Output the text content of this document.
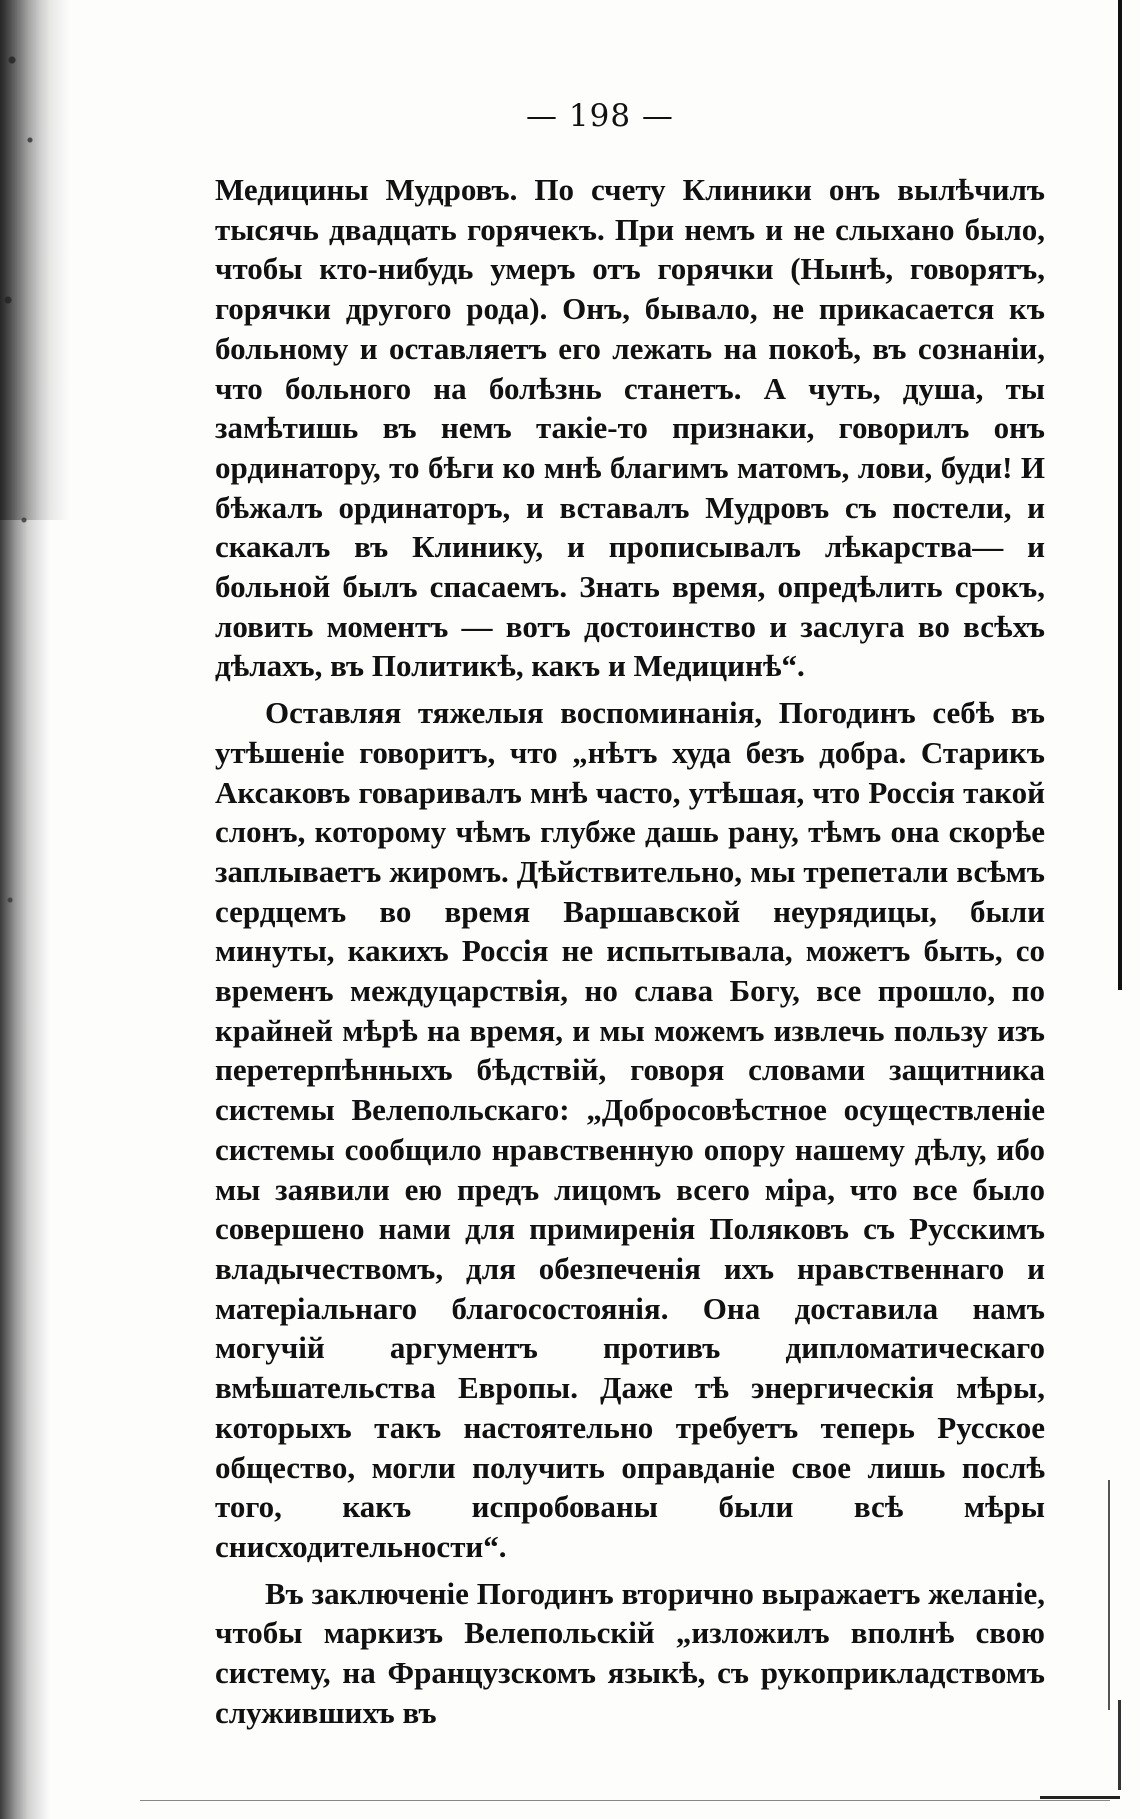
— 198 —

Медицины Мудровъ. По счету Клиники онъ вылѣчилъ тысячь двадцать горячекъ. При немъ и не слыхано было, чтобы кто-нибудь умеръ отъ горячки (Нынѣ, говорятъ, горячки другого рода). Онъ, бывало, не прикасается къ больному и оставляетъ его лежать на покоѣ, въ сознаніи, что больного на болѣзнь станетъ. А чуть, душа, ты замѣтишь въ немъ такіе-то признаки, говорилъ онъ ординатору, то бѣги ко мнѣ благимъ матомъ, лови, буди! И бѣжалъ ординаторъ, и вставалъ Мудровъ съ постели, и скакалъ въ Клинику, и прописывалъ лѣкарства— и больной былъ спасаемъ. Знать время, опредѣлить срокъ, ловить моментъ — вотъ достоинство и заслуга во всѣхъ дѣлахъ, въ Политикѣ, какъ и Медицинѣ“.

Оставляя тяжелыя воспоминанія, Погодинъ себѣ въ утѣшеніе говоритъ, что „нѣтъ худа безъ добра. Старикъ Аксаковъ говаривалъ мнѣ часто, утѣшая, что Россія такой слонъ, которому чѣмъ глубже дашь рану, тѣмъ она скорѣе заплываетъ жиромъ. Дѣйствительно, мы трепетали всѣмъ сердцемъ во время Варшавской неурядицы, были минуты, какихъ Россія не испытывала, можетъ быть, со временъ междуцарствія, но слава Богу, все прошло, по крайней мѣрѣ на время, и мы можемъ извлечь пользу изъ перетерпѣнныхъ бѣдствій, говоря словами защитника системы Велепольскаго: „Добросовѣстное осуществленіе системы сообщило нравственную опору нашему дѣлу, ибо мы заявили ею предъ лицомъ всего міра, что все было совершено нами для примиренія Поляковъ съ Русскимъ владычествомъ, для обезпеченія ихъ нравственнаго и матеріальнаго благосостоянія. Она доставила намъ могучій аргументъ противъ дипломатическаго вмѣшательства Европы. Даже тѣ энергическія мѣры, которыхъ такъ настоятельно требуетъ теперь Русское общество, могли получить оправданіе свое лишь послѣ того, какъ испробованы были всѣ мѣры снисходительности“.

Въ заключеніе Погодинъ вторично выражаетъ желаніе, чтобы маркизъ Велепольскій „изложилъ вполнѣ свою систему, на Французскомъ языкѣ, съ рукоприкладствомъ служившихъ въ
